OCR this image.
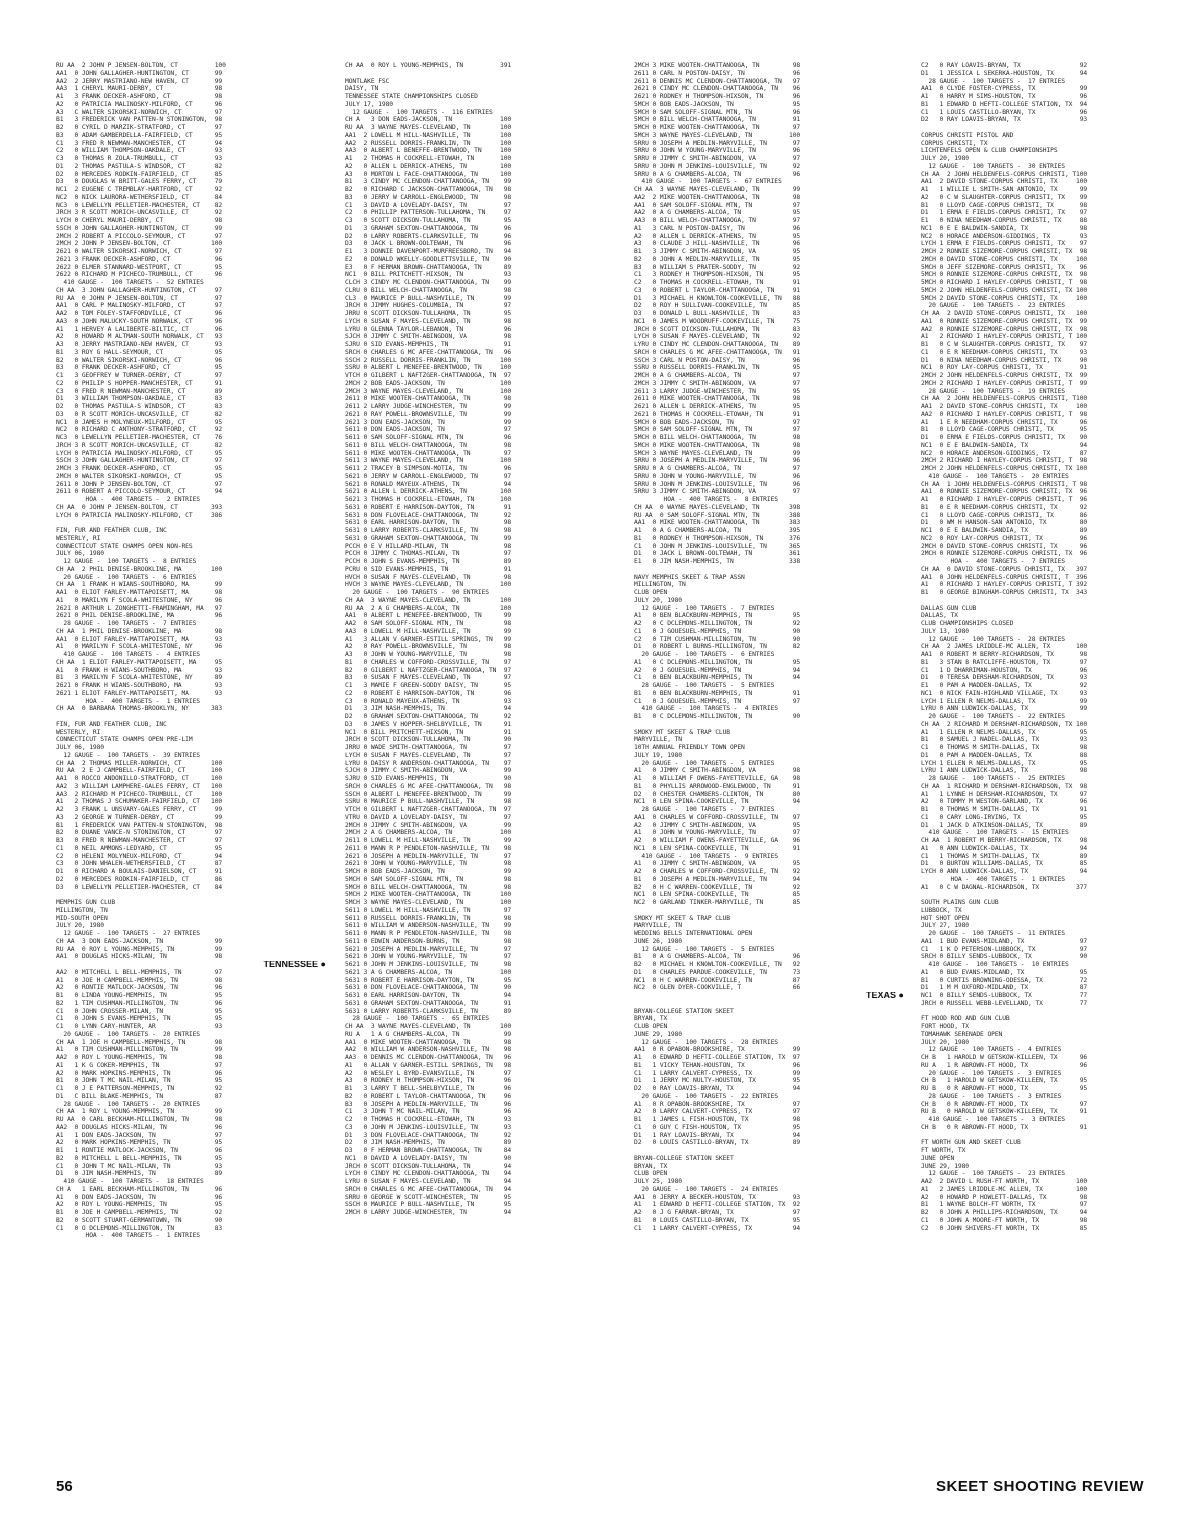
RU AA  2 JOHN P JENSEN-BOLTON, CT          100
AA1  0 JOHN GALLAGHER-HUNTINGTON, CT       99
AA2  2 JERRY MASTRIANO-NEW HAVEN, CT       99
AA3  1 CHERYL MAURI-DERBY, CT              98
A1   3 FRANK DECKER-ASHFORD, CT            98
A2   0 PATRICIA MALINOSKY-MILFORD, CT      96
A3   C WALTER SIKORSKI-NORWICH, CT         97
B1   3 FREDERICK VAN PATTEN-N STONINGTON,  98
B2   0 CYRIL D MARZIK-STRATFORD, CT        97
B3   0 ADAM GAMBERDELLA-FAIRFIELD, CT      95
C1   3 FRED R NEWMAN-MANCHESTER, CT        94
C2   0 WILLIAM THOMPSON-OAKDALE, CT        93
C3   0 THOMAS R ZOLA-TRUMBULL, CT          93
D1   2 THOMAS PASTULA-S WINDSOR, CT        82
D2   0 MERCEDES RODKIN-FAIRFIELD, CT       85
D3   0 DOUGLAS W BRITT-GALES FERRY, CT     79
NC1  2 EUGENE C TREMBLAY-HARTFORD, CT      92
NC2  0 NICK LAURORA-WETHERSFIELD, CT       84
NC3  0 LEWELLYN PELLETIER-MACHESTER, CT    82
JRCH 3 R SCOTT MORICH-UNCASVILLE, CT       92
LYCH 0 CHERYL MAURI-DERBY, CT              98
SSCH 0 JOHN GALLAGHER-HUNTINGTON, CT       99
2MCH 2 ROBERT A PICCOLO-SEYMOUR, CT        97
2MCH 2 JOHN P JENSEN-BOLTON, CT           100
2621 0 WALTER SIKORSKI-NORWICH, CT         97
2621 3 FRANK DECKER-ASHFORD, CT            96
2622 0 ELMER STANNARD-WESTPORT, CT         95
2622 0 RICHARD M PICHECO-TRUMBULL, CT      96
410 GAUGE -  100 TARGETS -  52 ENTRIES
CH AA  3 JOHN GALLAGHER-HUNTINGTON, CT     97
RU AA  0 JOHN P JENSEN-BOLTON, CT          97
AA1  0 CARL P MALINOSKY-MILFORD, CT        97
AA2  0 TOM FOLEY-STAFFORDVILLE, CT         96
AA3  0 JOHN MALUCKY-SOUTH NORWALK, CT      96
A1   1 HERVEY A LALIBERTE-BILTIC, CT       96
A2   0 HOWARD M ALTMAN-SOUTH NORWALK, CT   93
A3   0 JERRY MASTRIANO-NEW HAVEN, CT       93
B1   3 ROY G HALL-SEYMOUR, CT              95
B2   0 WALTER SIKORSKI-NORWICH, CT         96
B3   0 FRANK DECKER-ASHFORD, CT            95
C1   3 GEOFFREY W TURNER-DERBY, CT         97
C2   0 PHILIP S HOPPER-MANCHESTER, CT      91
C3   0 FRED R NEWMAN-MANCHESTER, CT        89
D1   3 WILLIAM THOMPSON-OAKDALE, CT        83
D2   0 THOMAS PASTULA-S WINDSOR, CT        83
D3   0 R SCOTT MORICH-UNCASVILLE, CT       82
NC1  0 JAMES H MOLYNEUX-MILFORD, CT        95
NC2  0 RICHARD C ANTHONY-STRATFORD, CT     92
NC3  0 LEWELLYN PELLETIER-MACHESTER, CT    76
JRCH 3 R SCOTT MORICH-UNCASVILLE, CT       82
LYCH 0 PATRICIA MALINOSKY-MILFORD, CT      95
SSCH 3 JOHN GALLAGHER-HUNTINGTON, CT       97
2MCH 3 FRANK DECKER-ASHFORD, CT            95
2MCH 0 WALTER SIKORSKI-NORWICH, CT         95
2611 0 JOHN P JENSEN-BOLTON, CT            97
2611 0 ROBERT A PICCOLO-SEYMOUR, CT        94
HOA -  400 TARGETS -  2 ENTRIES
CH AA  0 JOHN P JENSEN-BOLTON, CT         393
LYCH 0 PATRICIA MALINOSKY-MILFORD, CT     386

FIN, FUR AND FEATHER CLUB, INC
WESTERLY, RI
CONNECTICUT STATE CHAMPS OPEN NON-RES
JULY 06, 1980
12 GAUGE -  100 TARGETS -  8 ENTRIES
CH AA  2 PHIL DENISE-BROOKLINE, MA        100
20 GAUGE -  100 TARGETS -  6 ENTRIES
CH AA  1 FRANK H WIANS-SOUTHBORO, MA       99
AA1  0 ELIOT FARLEY-MATTAPOISETT, MA       98
A1   0 MARILYN F SCOLA-WHITESTONE, NY      96
2621 0 ARTHUR L ZONGHETTI-FRAMINGHAM, MA   97
2621 0 PHIL DENISE-BROOKLINE, MA           96
28 GAUGE -  100 TARGETS -  7 ENTRIES
CH AA  1 PHIL DENISE-BROOKLINE, MA         98
AA1  0 ELIOT FARLEY-MATTAPOISETT, MA       93
A1   0 MARILYN F SCOLA-WHITESTONE, NY      96
410 GAUGE -  100 TARGETS -  4 ENTRIES
CH AA  1 ELIOT FARLEY-MATTAPOISETT, MA     95
A1   0 FRANK H WIANS-SOUTHBORO, MA         93
B1   3 MARILYN F SCOLA-WHITESTONE, NY      89
2621 0 FRANK H WIANS-SOUTHBORO, MA         93
2621 1 ELIOT FARLEY-MATTAPOISETT, MA       93
HOA -  400 TARGETS -  1 ENTRIES
CH AA  0 BARBARA THOMAS-BROOKLYN, NY      383

FIN, FUR AND FEATHER CLUB, INC
WESTERLY, RI
CONNECTICUT STATE CHAMPS OPEN PRE-LIM
JULY 06, 1980
12 GAUGE -  100 TARGETS -  39 ENTRIES
CH AA  2 THOMAS MILLER-NORWICH, CT        100
RU AA  2 E J CAMPBELL-FAIRFIELD, CT       100
AA1  0 ROCCO ANDONILLO-STRATFORD, CT      100
AA2  3 WILLIAM LAMPHERE-GALES FERRY, CT   100
AA3  2 RICHARD M PICHECO-TRUMBULL, CT     100
A1   2 THOMAS J SCHUMAKER-FAIRFIELD, CT   100
A2   3 FRANK L UNSVARY-GALES FERRY, CT     99
A3   2 GEORGE W TURNER-DERBY, CT           99
B1   1 FREDERICK VAN PATTEN-N STONINGTON,  98
B2   0 DUANE VANCE-N STONINGTON, CT        97
B3   0 FRED R NEWMAN-MANCHESTER, CT        97
C1   0 NEIL AMMONS-LEDYARD, CT             95
C2   0 HELENI MOLYNEUX-MILFORD, CT         94
C3   0 JOHN WHALEN-WETHERSFIELD, CT        87
D1   0 RICHARD A BOULAIS-DANIELSON, CT     91
D2   0 MERCEDES RODKIN-FAIRFIELD, CT       86
D3   0 LEWELLYN PELLETIER-MACHESTER, CT    84

MEMPHIS GUN CLUB
MILLINGTON, TN
MID-SOUTH OPEN
JULY 20, 1980
12 GAUGE -  100 TARGETS -  27 ENTRIES
CH AA  3 DON EADS-JACKSON, TN              99
RU AA  0 ROY L YOUNG-MEMPHIS, TN           99
AA1  0 DOUGLAS HICKS-MILAN, TN             98
TENNESSEE ●
AA2  0 MITCHELL L BELL-MEMPHIS, TN         97
A1   0 JOE H CAMPBELL-MEMPHIS, TN          98
A2   0 RONTIE MATLOCK-JACKSON, TN          96
B1   0 LINDA YOUNG-MEMPHIS, TN             95
B2   1 TIM CUSHMAN-MILLINGTON, TN          96
C1   0 JOHN CROSSER-MILAN, TN              95
C1   0 JOHN S EVANS-MEMPHIS, TN            95
C1   0 LYNN CARY-HUNTER, AR                93
20 GAUGE -  100 TARGETS -  20 ENTRIES
CH AA  1 JOE H CAMPBELL-MEMPHIS, TN        98
A1   0 TIM CUSHMAN-MILLINGTON, TN          99
AA2  0 ROY L YOUNG-MEMPHIS, TN             98
A1   1 K G COKER-MEMPHIS, TN               97
A2   0 MARK HOPKINS-MEMPHIS, TN            96
B1   0 JOHN T MC NAIL-MILAN, TN            95
C1   0 J E PATTERSON-MEMPHIS, TN           92
D1   C BILL BLAKE-MEMPHIS, TN              87
28 GAUGE -  100 TARGETS -  20 ENTRIES
CH AA  1 ROY L YOUNG-MEMPHIS, TN           99
RU AA  0 CARL BECKHAM-MILLINGTON, TN       98
AA2  0 DOUGLAS HICKS-MILAN, TN             96
A1   1 DON EADS-JACKSON, TN                97
A2   0 MARK HOPKINS-MEMPHIS, TN            95
B1   1 RONTIE MATLOCK-JACKSON, TN          96
B2   0 MITCHELL L BELL-MEMPHIS, TN         95
C1   0 JOHN T MC NAIL-MILAN, TN            93
D1   0 JIM NASH-MEMPHIS, TN                89
410 GAUGE -  100 TARGETS -  18 ENTRIES
CH A   1 EARL BECKHAM-MILLINGTON, TN       96
A1   0 DON EADS-JACKSON, TN                96
A2   0 ROY L YOUNG-MEMPHIS, TN             95
B1   0 JOE H CAMPBELL-MEMPHIS, TN          92
B2   0 SCOTT STUART-GERMANTOWN, TN         90
C1   0 O DCLEMONS-MILLINGTON, TN           83
HOA -  400 TARGETS -  1 ENTRIES
CH AA  0 ROY L YOUNG-MEMPHIS, TN          391

MONTLAKE FSC
DAISY, TN
TENNESSEE STATE CHAMPIONSHIPS CLOSED
JULY 17, 1980
12 GAUGE -  100 TARGETS -  116 ENTRIES
CH A   3 DON EADS-JACKSON, TN             100
RU AA  3 WAYNE MAYES-CLEVELAND, TN        100
AA1  2 LOWELL M HILL-NASHVILLE, TN        100
AA2  2 RUSSELL DORRIS-FRANKLIN, TN        100
AA3  0 ALBERT L BENEFFE-BRENTWOOD, TN     100
A1   2 THOMAS H COCKRELL-ETOWAH, TN       100
A2   0 ALLEN L DERRICK-ATHENS, TN         100
A3   0 MORTON L FACE-CHATTANOOGA, TN      100
B1   3 CINDY MC CLENDON-CHATTANOOGA, TN    99
B2   0 RICHARD C JACKSON-CHATTANOOGA, TN   98
B3   0 JERRY W CARROLL-ENGLEWOOD, TN       98
C1   3 DAVID A LOVELADY-DAISY, TN          97
C2   0 PHILLIP PATTERSON-TULLAHOMA, TN     97
C3   0 SCOTT DICKSON-TULLAHOMA, TN         95
D1   3 GRAHAM SEXTON-CHATTANOOGA, TN       96
D2   0 LARRY ROBERTS-CLARKSVILLE, TN       96
D3   0 JACK L BROWN-OOLTEWAH, TN           96
E1   3 DONNIE DAVENPORT-MURFREESBORO, TN   94
E2   0 DONALD WKELLY-GOODLETTSVILLE, TN    90
E3   0 F HERMAN BROWN-CHATTANOOGA, TN      89
NC1  0 BILL PRITCHETT-HIXSON, TN           93
CLCH 3 CINDY MC CLENDON-CHATTANOOGA, TN    99
CLRU 0 BILL WELCH-CHATTANOOGA, TN          98
CL3  0 MAURICE P BULL-NASHVILLE, TN        99
JRCH 0 JIMMY HUGHES-COLUMBIA, TN           97
JRRU 0 SCOTT DICKSON-TULLAHOMA, TN         95
LYCH 0 SUSAN F MAYES-CLEVELAND, TN         98
LYRU 0 GLENNA TAYLOR-LEBANON, TN           96
SJCH 0 JIMMY C SMITH-ABINGDON, VA          98
SJRU 0 SID EVANS-MEMPHIS, TN               91
SRCH 0 CHARLES G MC AFEE-CHATTANOOGA, TN   96
SSCH 2 RUSSELL DORRIS-FRANKLIN, TN        100
SSRU 0 ALBERT L MENEFEE-BRENTWOOD, TN     100
VTCH 0 GILBERT L NAFTZGER-CHATTANOOGA, TN  97
2MCH 2 BOB EADS-JACKSON, TN               100
2MCH 3 WAYNE MAYES-CLEVELAND, TN          100
2611 0 MIKE WOOTEN-CHATTANOOGA, TN         98
2611 2 LARRY JUDGE-WINCHESTER, TN          99
2621 0 RAY POWELL-BROWNSVILLE, TN          99
2621 3 DON EADS-JACKSON, TN                99
5611 0 DON EADS-JACKSON, TN                97
5611 0 SAM SOLOFF-SIGNAL MTN, TN           96
5611 0 BILL WELCH-CHATTANOOGA, TN          98
5611 0 MIKE WOOTEN-CHATTANOOGA, TN         97
5611 3 WAYNE MAYES-CLEVELAND, TN          100
5611 2 TRACEY B SIMPSON-MOTIA, TN          96
5621 0 JERRY W CARROLL-ENGLEWOOD, TN       97
5621 0 RONALD MAYEUX-ATHENS, TN            94
5621 0 ALLEN L DERRICK-ATHENS, TN         100
5621 3 THOMAS H COCKRELL-ETOWAH, TN       100
5631 0 ROBERT E HARRISON-DAYTON, TN        91
5631 0 DON FLOVELACE-CHATTANOOGA, TN       92
5631 0 EARL HARRISON-DAYTON, TN            98
5631 0 LARRY ROBERTS-CLARKSVILLE, TN       98
5631 0 GRAHAM SEXTON-CHATTANOOGA, TN       99
PCCH 0 E V HILLARD-MILAN, TN               98
PCCH 0 JIMMY C THOMAS-MILAN, TN            97
PCCH 0 JOHN S EVANS-MEMPHIS, TN            89
PCRU 0 SID EVANS-MEMPHIS, TN               91
HVCH 0 SUSAN F MAYES-CLEVELAND, TN         98
HVCH 3 WAYNE MAYES-CLEVELAND, TN          100
20 GAUGE -  100 TARGETS -  90 ENTRIES
CH AA  3 WAYNE MAYES-CLEVELAND, TN        100
RU AA  2 A G CHAMBERS-ALCOA, TN           100
AA1  0 ALBERT L MENEFEE-BRENTWOOD, TN      99
AA2  0 SAM SOLOFF-SIGNAL MTN, TN           98
AA3  0 LOWELL M HILL-NASHVILLE, TN         99
A1   3 ALLAN V GARNER-ESTILL SPRINGS, TN   99
A2   0 RAY POWELL-BROWNSVILLE, TN          98
A3   0 JOHN W YOUNG-MARYVILLE, TN          98
B1   0 CHARLES W COFFORD-CROSSVILLE, TN    97
B2   0 GILBERT L NAFTZGER-CHATTANOOGA, TN  97
B3   0 SUSAN F MAYES-CLEVELAND, TN         97
C1   3 MAMIE F GREEN-SODDY DAISY, TN       95
C2   0 ROBERT E HARRISON-DAYTON, TN        96
C3   0 RONALD MAYEUX-ATHENS, TN            93
D1   3 JIM NASH-MEMPHIS, TN                94
D2   0 GRAHAM SEXTON-CHATTANOOGA, TN       92
D3   0 JAMES V HOPPER-SHELBYVILLE, TN      91
NC1  0 BILL PRITCHETT-HIXSON, TN           91
JRCH 0 SCOTT DICKSON-TULLAHOMA, TN         90
JRRU 0 WADE SMITH-CHATTANOOGA, TN          97
LYCH 0 SUSAN F MAYES-CLEVELAND, TN         97
LYRU 0 DAISY R ANDERSON-CHATTANOOGA, TN    97
SJCH 0 JIMMY C SMITH-ABINGDON, VA          99
SJRU 0 SID EVANS-MEMPHIS, TN               90
SRCH 0 CHARLES G MC AFEE-CHATTANOOGA, TN   98
SSCH 0 ALBERT L MENEFEE-BRENTWOOD, TN      99
SSRU 0 MAURICE P BULL-NASHVILLE, TN        98
VTCH 0 GILBERT L NAFTZGER-CHATTANOOGA, TN  97
VTRU 0 DAVID A LOVELADY-DAISY, TN          97
2MCH 0 JIMMY C SMITH-ABINGDON, VA          99
2MCH 2 A G CHAMBERS-ALCOA, TN             100
2611 0 LOWELL M HILL-NASHVILLE, TN         99
2611 0 MANN R P PENDLETON-NASHVILLE, TN    98
2621 0 JOSEPH A MEDLIN-MARYVILLE, TN       97
2621 0 JOHN W YOUNG-MARYVILLE, TN          98
5MCH 0 BOB EADS-JACKSON, TN                99
5MCH 0 SAM SOLOFF-SIGNAL MTN, TN           98
5MCH 0 BILL WELCH-CHATTANOOGA, TN          98
5MCH 2 MIKE WOOTEN-CHATTANOOGA, TN        100
5MCH 3 WAYNE MAYES-CLEVELAND, TN          100
5611 0 LOWELL M HILL-NASHVILLE, TN         97
5611 0 RUSSELL DORRIS-FRANKLIN, TN         98
5611 0 WILLIAM W ANDERSON-NASHVILLE, TN    99
5611 0 MANN R P PENDLETON-NASHVILLE, TN    98
5611 0 EDWIN ANDERSON-BURNS, TN            98
5621 0 JOSEPH A MEDLIN-MARYVILLE, TN       97
5621 0 JOHN W YOUNG-MARYVILLE, TN          97
5621 0 JOHN M JENKINS-LOUISVILLE, TN       98
5621 3 A G CHAMBERS-ALCOA, TN             100
5631 0 ROBERT E HARRISON-DAYTON, TN        95
5631 0 DON FLOVELACE-CHATTANOOGA, TN       90
5631 0 EARL HARRISON-DAYTON, TN            94
5631 0 GRAHAM SEXTON-CHATTANOOGA, TN       91
5631 0 LARRY ROBERTS-CLARKSVILLE, TN       89
28 GAUGE -  100 TARGETS -  65 ENTRIES
CH AA  3 WAYNE MAYES-CLEVELAND, TN        100
RU A   1 A G CHAMBERS-ALCOA, TN            99
AA1  0 MIKE WOOTEN-CHATTANOOGA, TN         98
AA2  0 WILLIAM W ANDERSON-NASHVILLE, TN    98
AA3  0 DENNIS MC CLENDON-CHATTANOOGA, TN   96
A1   0 ALLAN V GARNER-ESTILL SPRINGS, TN   98
A2   0 WESLEY L BYRD-EVANSVILLE, TN        97
A3   0 RODNEY H THOMPSON-HIXSON, TN        96
B1   3 LARRY T BELL-SHELBYVILLE, TN        96
B2   0 ROBERT L TAYLOR-CHATTANOOGA, TN     96
B3   0 JOSEPH A MEDLIN-MARYVILLE, TN       96
C1   3 JOHN T MC NAIL-MILAN, TN            96
C2   0 THOMAS H COCKRELL-ETOWAH, TN        93
C3   0 JOHN M JENKINS-LOUISVILLE, TN       93
D1   3 DON FLOVELACE-CHATTANOOGA, TN       92
D2   0 JIM NASH-MEMPHIS, TN                89
D3   0 F HERMAN BROWN-CHATTANOOGA, TN      84
NC1  0 DAVID A LOVELADY-DAISY, TN          90
JRCH 0 SCOTT DICKSON-TULLAHOMA, TN         94
LYCH 0 CINDY MC CLENDON-CHATTANOOGA, TN    94
LYRU 0 SUSAN F MAYES-CLEVELAND, TN         94
SRCH 0 CHARLES G MC AFEE-CHATTANOOGA, TN   94
SRRU 0 GEORGE W SCOTT-WINCHESTER, TN       95
SSCH 0 MAURICE P BULL-NASHVILLE, TN        95
2MCH 0 LARRY JUDGE-WINCHESTER, TN          94
2MCH 3 MIKE WOOTEN-CHATTANOOGA, TN         98
2611 0 CARL N POSTON-DAISY, TN             96
2611 0 DENNIS MC CLENDON-CHATTANOOGA, TN   97
2621 0 CINDY MC CLENDON-CHATTANOOGA, TN    96
2621 0 RODNEY H THOMPSON-HIXSON, TN        96
5MCH 0 BOB EADS-JACKSON, TN                95
5MCH 0 SAM SOLOFF-SIGNAL MTN, TN           96
5MCH 0 BILL WELCH-CHATTANOOGA, TN          91
5MCH 0 MIKE WOOTEN-CHATTANOOGA, TN         97
5MCH 3 WAYNE MAYES-CLEVELAND, TN          100
5RRU 0 JOSEPH A MEDLIN-MARYVILLE, TN       97
5RRU 0 JOHN W YOUNG-MARYVILLE, TN          96
5RRU 0 JIMMY C SMITH-ABINGDON, VA          97
5RRU 0 JOHN M JENKINS-LOUISVILLE, TN       92
5RRU 0 A G CHAMBERS-ALCOA, TN              96
410 GAUGE -  100 TARGETS -  67 ENTRIES
CH AA  3 WAYNE MAYES-CLEVELAND, TN         99
AA2  2 MIKE WOOTEN-CHATTANOOGA, TN         98
AA1  0 SAM SOLOFF-SIGNAL MTN, TN           97
AA2  0 A G CHAMBERS-ALCOA, TN              95
AA3  0 BILL WELCH-CHATTANOOGA, TN          97
A1   3 CARL N POSTON-DAISY, TN             96
A2   0 ALLEN L DERRICK-ATHENS, TN          95
A3   0 CLAUDE J HILL-NASHVILLE, TN         96
B1   3 JIMMY C SMITH-ABINGDON, VA          95
B2   0 JOHN A MEDLIN-MARYVILLE, TN         95
B3   0 WILLIAM S PRATER-SODDY, TN          92
C1   3 RODNEY H THOMPSON-HIXSON, TN        95
C2   0 THOMAS H COCKRELL-ETOWAH, TN        91
C3   0 ROBERT L TAYLOR-CHATTANOOGA, TN     91
D1   3 MICHAEL H KNOWLTON-COOKEVILLE, TN   88
D2   0 ROY H SULLIVAN-COOKEVILLE, TN       85
D3   0 DONALD L BULL-NASHVILLE, TN         83
NC1  0 JAMES M WOODRUFF-COOKEVILLE, TN     75
JRCH 0 SCOTT DICKSON-TULLAHOMA, TN         83
LYCH 0 SUSAN F MAYES-CLEVELAND, TN         92
LYRU 0 CINDY MC CLENDON-CHATTANOOGA, TN    89
SRCH 0 CHARLES G MC AFEE-CHATTANOOGA, TN   91
SSCH 3 CARL N POSTON-DAISY, TN             96
SSRU 0 RUSSELL DORRIS-FRANKLIN, TN         95
2MCH 0 A G CHAMBERS-ALCOA, TN              97
2MCH 3 JIMMY C SMITH-ABINGDON, VA          97
2611 3 LARRY JUDGE-WINCHESTER, TN          95
2611 0 MIKE WOOTEN-CHATTANOOGA, TN         98
2621 0 ALLEN L DERRICK-ATHENS, TN          95
2621 0 THOMAS H COCKRELL-ETOWAH, TN        91
5MCH 0 BOB EADS-JACKSON, TN                97
5MCH 0 SAM SOLOFF-SIGNAL MTN, TN           97
5MCH 0 BILL WELCH-CHATTANOOGA, TN          98
5MCH 0 MIKE WOOTEN-CHATTANOOGA, TN         98
5MCH 3 WAYNE MAYES-CLEVELAND, TN           99
5RRU 0 JOSEPH A MEDLIN-MARYVILLE, TN       96
5RRU 0 A G CHAMBERS-ALCOA, TN              97
5RRU 0 JOHN W YOUNG-MARYVILLE, TN          96
5RRU 0 JOHN M JENKINS-LOUISVILLE, TN       96
5RRU 3 JIMMY C SMITH-ABINGDON, VA          97
HOA -  400 TARGETS -  8 ENTRIES
CH AA  0 WAYNE MAYES-CLEVELAND, TN        398
RU AA  0 SAM SOLOFF-SIGNAL MTN, TN        388
AA1  0 MIKE WOOTEN-CHATTANOOGA, TN        383
A1   0 A G CHAMBERS-ALCOA, TN             395
B1   0 RODNEY H THOMPSON-HIXSON, TN       376
C1   0 JOHN M JENKINS-LOUISVILLE, TN      365
D1   0 JACK L BROWN-OOLTEWAH, TN          361
E1   0 JIM NASH-MEMPHIS, TN               338

NAVY MEMPHIS SKEET & TRAP ASSN
MILLINGTON, TN
CLUB OPEN
JULY 20, 1980
12 GAUGE -  100 TARGETS -  7 ENTRIES
A1   0 BEN BLACKBURN-MEMPHIS, TN           95
A2   0 C DCLEMONS-MILLINGTON, TN           92
C1   0 J GOUESUEL-MEMPHIS, TN              90
C2   0 TIM CUSHMAN-MILLINGTON, TN          90
D1   0 ROBERT L BURNS-MILLINGTON, TN       82
20 GAUGE -  100 TARGETS -  6 ENTRIES
A1   0 C DCLEMONS-MILLINGTON, TN           95
A2   0 J GOUESUEL-MEMPHIS, TN              94
C1   0 BEN BLACKBURN-MEMPHIS, TN           94
28 GAUGE -  100 TARGETS -  5 ENTRIES
B1   0 BEN BLACKBURN-MEMPHIS, TN           91
C1   0 J GOUESUEL-MEMPHIS, TN              97
410 GAUGE -  100 TARGETS -  4 ENTRIES
B1   0 C DCLEMONS-MILLINGTON, TN           90

SMOKY MT SKEET & TRAP CLUB
MARYVILLE, TN
10TH ANNUAL FRIENDLY TOWN OPEN
JULY 19, 1980
20 GAUGE -  100 TARGETS -  5 ENTRIES
A1   0 JIMMY C SMITH-ABINGDON, VA          98
A1   0 WILLIAM F OWENS-FAYETTEVILLE, GA    98
B1   0 PHYLLIS ARROWOOD-ENGLEWOOD, TN      91
D2   0 CHESTER CHAMBERS-CLINTON, TN        80
NC1  0 LEN SPINA-COOKEVILLE, TN            94
28 GAUGE -  100 TARGETS -  7 ENTRIES
AA1  0 CHARLES W COFFORD-CROSSVILLE, TN    97
A2   0 JIMMY C SMITH-ABINGDON, VA          95
A1   0 JOHN W YOUNG-MARYVILLE, TN          97
A2   0 WILLIAM F OWENS-FAYETTEVILLE, GA    96
NC1  0 LEN SPINA-COOKEVILLE, TN            91
410 GAUGE -  100 TARGETS -  9 ENTRIES
A1   0 JIMMY C SMITH-ABINGDON, VA          95
A2   0 CHARLES W COFFORD-CROSSVILLE, TN    92
B1   0 JOSEPH A MEDLIN-MARYVILLE, TN       94
B2   0 H C WARREN-COOKEVILLE, TN           92
NC1  0 LEN SPINA-COOKEVILLE, TN            85
NC2  0 GARLAND TINKER-MARYVILLE, TN        85

SMOKY MT SKEET & TRAP CLUB
MARYVILLE, TN
WEDDING BELLS INTERNATIONAL OPEN
JUNE 26, 1980
12 GAUGE -  100 TARGETS -  5 ENTRIES
B1   0 A G CHAMBERS-ALCOA, TN              96
B2   0 MICHAEL H KNOWLTON-COOKEVILLE, TN   92
D1   0 CHARLES PARDUE-COOKEVILLE, TN       73
NC1  0 H C WARREN-COOKEVILLE, TN           87
NC2  0 GLEN DYER-COOKVILLE, T              66
TEXAS ●

BRYAN-COLLEGE STATION SKEET
BRYAN, TX
CLUB OPEN
JUNE 29, 1980
12 GAUGE -  100 TARGETS -  28 ENTRIES
AA1  0 R OPABON-BROOKSHIRE, TX             99
A1   0 EDWARD D HEFTI-COLLEGE STATION, TX  97
B1   1 VICKY TEHAN-HOUSTON, TX             96
C1   1 LARRY CALVERT-CYPRESS, TX           99
D1   1 JERRY MC NULTY-HOUSTON, TX          95
D2   0 RAY LOAVIS-BRYAN, TX                94
20 GAUGE -  100 TARGETS -  22 ENTRIES
A1   0 R OPABON-BROOKSHIRE, TX             97
A2   0 LARRY CALVERT-CYPRESS, TX           97
B1   1 JAMES L FISH-HOUSTON, TX            98
C1   0 GUY C FISH-HOUSTON, TX              95
D1   1 RAY LOAVIS-BRYAN, TX                94
D2   0 LOUIS CASTILLO-BRYAN, TX            89

BRYAN-COLLEGE STATION SKEET
BRYAN, TX
CLUB OPEN
JULY 25, 1980
20 GAUGE -  100 TARGETS -  24 ENTRIES
AA1  0 JERRY A BECKER-HOUSTON, TX          93
A1   1 EDWARD D HEFTI-COLLEGE STATION, TX  92
A2   0 J G FARRAR-BRYAN, TX                97
B1   0 LOUIS CASTILLO-BRYAN, TX            95
C1   1 LARRY CALVERT-CYPRESS, TX           94
C2   0 RAY LOAVIS-BRYAN, TX                92
D1   1 JESSICA L SEKERKA-HOUSTON, TX       94
28 GAUGE -  100 TARGETS -  17 ENTRIES
AA1  0 CLYDE FOSTER-CYPRESS, TX            99
A1   0 HARRY M SIMS-HOUSTON, TX            96
B1   1 EDWARD D HEFTI-COLLEGE STATION, TX  94
C1   1 LOUIS CASTILLO-BRYAN, TX            96
D2   0 RAY LOAVIS-BRYAN, TX                93

CORPUS CHRISTI PISTOL AND
CORPUS CHRISTI, TX
LICHTENFELS OPEN & CLUB CHAMPIONSHIPS
JULY 20, 1980
12 GAUGE -  100 TARGETS -  30 ENTRIES
CH AA  2 JOHN HELDENFELS-CORPUS CHRISTI, T100
AA1  2 DAVID STONE-CORPUS CHRISTI, TX     100
A1   1 WILLIE L SMITH-SAN ANTONIO, TX      99
A2   0 C W SLAUGHTER-CORPUS CHRISTI, TX    99
B1   0 LLOYD CAGE-CORPUS CHRISTI, TX       98
D1   1 ERMA E FIELDS-CORPUS CHRISTI, TX    97
E1   0 NINA NEEDHAM-CORPUS CHRISTI, TX     88
NC1  0 E E BALDWIN-SANDIA, TX              98
NC2  0 HORACE ANDERSON-GIDDINGS, TX        93
LYCH 1 ERMA E FIELDS-CORPUS CHRISTI, TX    97
2MCH 2 RONNIE SIZEMORE-CORPUS CHRISTI, TX  98
2MCH 0 DAVID STONE-CORPUS CHRISTI, TX     100
5MCH 0 JEFF SIZEMORE-CORPUS CHRISTI, TX    96
5MCH 0 RONNIE SIZEMORE-CORPUS CHRISTI, TX  98
5MCH 0 RICHARD I HAYLEY-CORPUS CHRISTI, T  98
5MCH 2 JOHN HELDENFELS-CORPUS CHRISTI, TX 100
5MCH 2 DAVID STONE-CORPUS CHRISTI, TX     100
20 GAUGE -  100 TARGETS -  23 ENTRIES
CH AA  2 DAVID STONE-CORPUS CHRISTI, TX   100
AA1  0 RONNIE SIZEMORE-CORPUS CHRISTI, TX  99
AA2  0 RONNIE SIZEMORE-CORPUS CHRISTI, TX  98
A1   2 RICHARD I HAYLEY-CORPUS CHRISTI, T 100
B1   0 C W SLAUGHTER-CORPUS CHRISTI, TX    97
C1   0 E R NEEDHAM-CORPUS CHRISTI, TX      93
D1   0 NINA NEEDHAM-CORPUS CHRISTI, TX     90
NC1  0 ROY LAY-CORPUS CHRISTI, TX          91
2MCH 2 JOHN HELDENFELS-CORPUS CHRISTI, TX  99
2MCH 2 RICHARD I HAYLEY-CORPUS CHRISTI, T  99
28 GAUGE -  100 TARGETS -  19 ENTRIES
CH AA  2 JOHN HELDENFELS-CORPUS CHRISTI, T100
AA1  2 DAVID STONE-CORPUS CHRISTI, TX     100
AA2  0 RICHARD I HAYLEY-CORPUS CHRISTI, T  98
A1   1 E R NEEDHAM-CORPUS CHRISTI, TX      96
B1   0 LLOYD CAGE-CORPUS CHRISTI, TX       95
D1   0 ERMA E FIELDS-CORPUS CHRISTI, TX    90
NC1  0 E E BALDWIN-SANDIA, TX              94
NC2  0 HORACE ANDERSON-GIDDINGS, TX        87
2MCH 2 RICHARD I HAYLEY-CORPUS CHRISTI, T  98
2MCH 2 JOHN HELDENFELS-CORPUS CHRISTI, TX 100
410 GAUGE -  100 TARGETS -  20 ENTRIES
CH AA  1 JOHN HELDENFELS-CORPUS CHRISTI, T 98
AA1  0 RONNIE SIZEMORE-CORPUS CHRISTI, TX  96
A1   0 RICHARD I HAYLEY-CORPUS CHRISTI, T  96
B1   0 E R NEEDHAM-CORPUS CHRISTI, TX      92
C1   0 LLOYD CAGE-CORPUS CHRISTI, TX       86
D1   0 WM H HANSON-SAN ANTONIO, TX         80
NC1  0 E E BALDWIN-SANDIA, TX              89
NC2  0 ROY LAY-CORPUS CHRISTI, TX          96
2MCH 0 DAVID STONE-CORPUS CHRISTI, TX      96
2MCH 0 RONNIE SIZEMORE-CORPUS CHRISTI, TX  96
HOA -  400 TARGETS -  7 ENTRIES
CH AA  0 DAVID STONE-CORPUS CHRISTI, TX   397
AA1  0 JOHN HELDENFELS-CORPUS CHRISTI, T  396
A1   0 RICHARD I HAYLEY-CORPUS CHRISTI, T 392
B1   0 GEORGE BINGHAM-CORPUS CHRISTI, TX  343

DALLAS GUN CLUB
DALLAS, TX
CLUB CHAMPIONSHIPS CLOSED
JULY 13, 1980
12 GAUGE -  100 TARGETS -  28 ENTRIES
CH AA  2 JAMES LRIDDLE-MC ALLEN, TX       100
AA1  0 ROBERT M BERRY-RICHARDSON, TX       98
B1   3 STAN B RATCLIFFE-HOUSTON, TX        97
C1   1 D DHARRIMAN-HOUSTON, TX             96
D1   0 TERESA DERSHAM-RICHARDSON, TX       93
E1   0 PAM A MADDEN-DALLAS, TX             92
NC1  0 NICK FAIN-HIGHLAND VILLAGE, TX      93
LYCH 1 ELLEN R NELMS-DALLAS, TX            99
LYRU 0 ANN LUDWICK-DALLAS, TX              99
20 GAUGE -  100 TARGETS -  22 ENTRIES
CH AA  2 RICHARD M DERSHAM-RICHARDSON, TX 100
A1   1 ELLEN R NELMS-DALLAS, TX            95
B1   0 SAMUEL J NADEL-DALLAS, TX           93
C1   0 THOMAS M SMITH-DALLAS, TX           98
D1   0 PAM A MADDEN-DALLAS, TX             88
LYCH 1 ELLEN R NELMS-DALLAS, TX            95
LYRU 1 ANN LUDWICK-DALLAS, TX              98
28 GAUGE -  100 TARGETS -  25 ENTRIES
CH AA  1 RICHARD M DERSHAM-RICHARDSON, TX  98
A1   1 LYNNE H DERSHAM-RICHARDSON, TX      97
A2   0 TOMMY M WESTON-GARLAND, TX          96
B1   0 THOMAS M SMITH-DALLAS, TX           91
C1   0 CARY LONG-IRVING, TX                95
D1   1 JACK D ATKINSON-DALLAS, TX          89
410 GAUGE -  100 TARGETS -  15 ENTRIES
CH AA  1 ROBERT M BERRY-RICHARDSON, TX     98
A1   0 ANN LUDWICK-DALLAS, TX              94
C1   1 THOMAS M SMITH-DALLAS, TX           89
D1   0 BURTON WILLIAMS-DALLAS, TX          85
LYCH 0 ANN LUDWICK-DALLAS, TX              94
HOA -  400 TARGETS -  1 ENTRIES
A1   0 C W DAGNAL-RICHARDSON, TX          377

SOUTH PLAINS GUN CLUB
LUBBOCK, TX
HOT SHOT OPEN
JULY 27, 1980
20 GAUGE -  100 TARGETS -  11 ENTRIES
AA1  1 BUD EVANS-MIDLAND, TX               97
C1   1 K D PETERSON-LUBBOCK, TX            97
SRCH 0 BILLY SENDS-LUBBOCK, TX             90
410 GAUGE -  100 TARGETS -  10 ENTRIES
A1   0 BUD EVANS-MIDLAND, TX               95
B1   0 CURTIS BROWNING-ODESSA, TX          72
D1   1 M M OXFORD-MIDLAND, TX              87
NC1  0 BILLY SENDS-LUBBOCK, TX             77
JRCH 0 RUSSELL WEBB-LEVELLAND, TX          77

FT HOOD ROD AND GUN CLUB
FORT HOOD, TX
TOMAHAWK SERENADE OPEN
JULY 20, 1980
12 GAUGE -  100 TARGETS -  4 ENTRIES
CH B   1 HAROLD W GETSKOW-KILLEEN, TX      96
RU A   1 R ABROWN-FT HOOD, TX              96
20 GAUGE -  100 TARGETS -  3 ENTRIES
CH B   1 HAROLD W GETSKOW-KILLEEN, TX      95
RU B   0 R ABROWN-FT HOOD, TX              95
28 GAUGE -  100 TARGETS -  3 ENTRIES
CH B   0 R ABROWN-FT HOOD, TX              97
RU B   0 HAROLD W GETSKOW-KILLEEN, TX      91
410 GAUGE -  100 TARGETS -  3 ENTRIES
CH B   0 R ABROWN-FT HOOD, TX              91

FT WORTH GUN AND SKEET CLUB
FT WORTH, TX
JUNE OPEN
JUNE 29, 1980
12 GAUGE -  100 TARGETS -  23 ENTRIES
AA2  2 DAVID L RUSH-FT WORTH, TX          100
A1   2 JAMES LRIDDLE-MC ALLEN, TX         100
A2   0 HOWARD P HOWLETT-DALLAS, TX         98
B1   1 WAYNE BOLCH-FT WORTH, TX            97
B2   0 JOHN A PHILLIPS-RICHARDSON, TX      94
C1   0 JOHN A MOORE-FT WORTH, TX           98
C2   0 JOHN SHIVERS-FT WORTH, TX           85
56	SKEET SHOOTING REVIEW
